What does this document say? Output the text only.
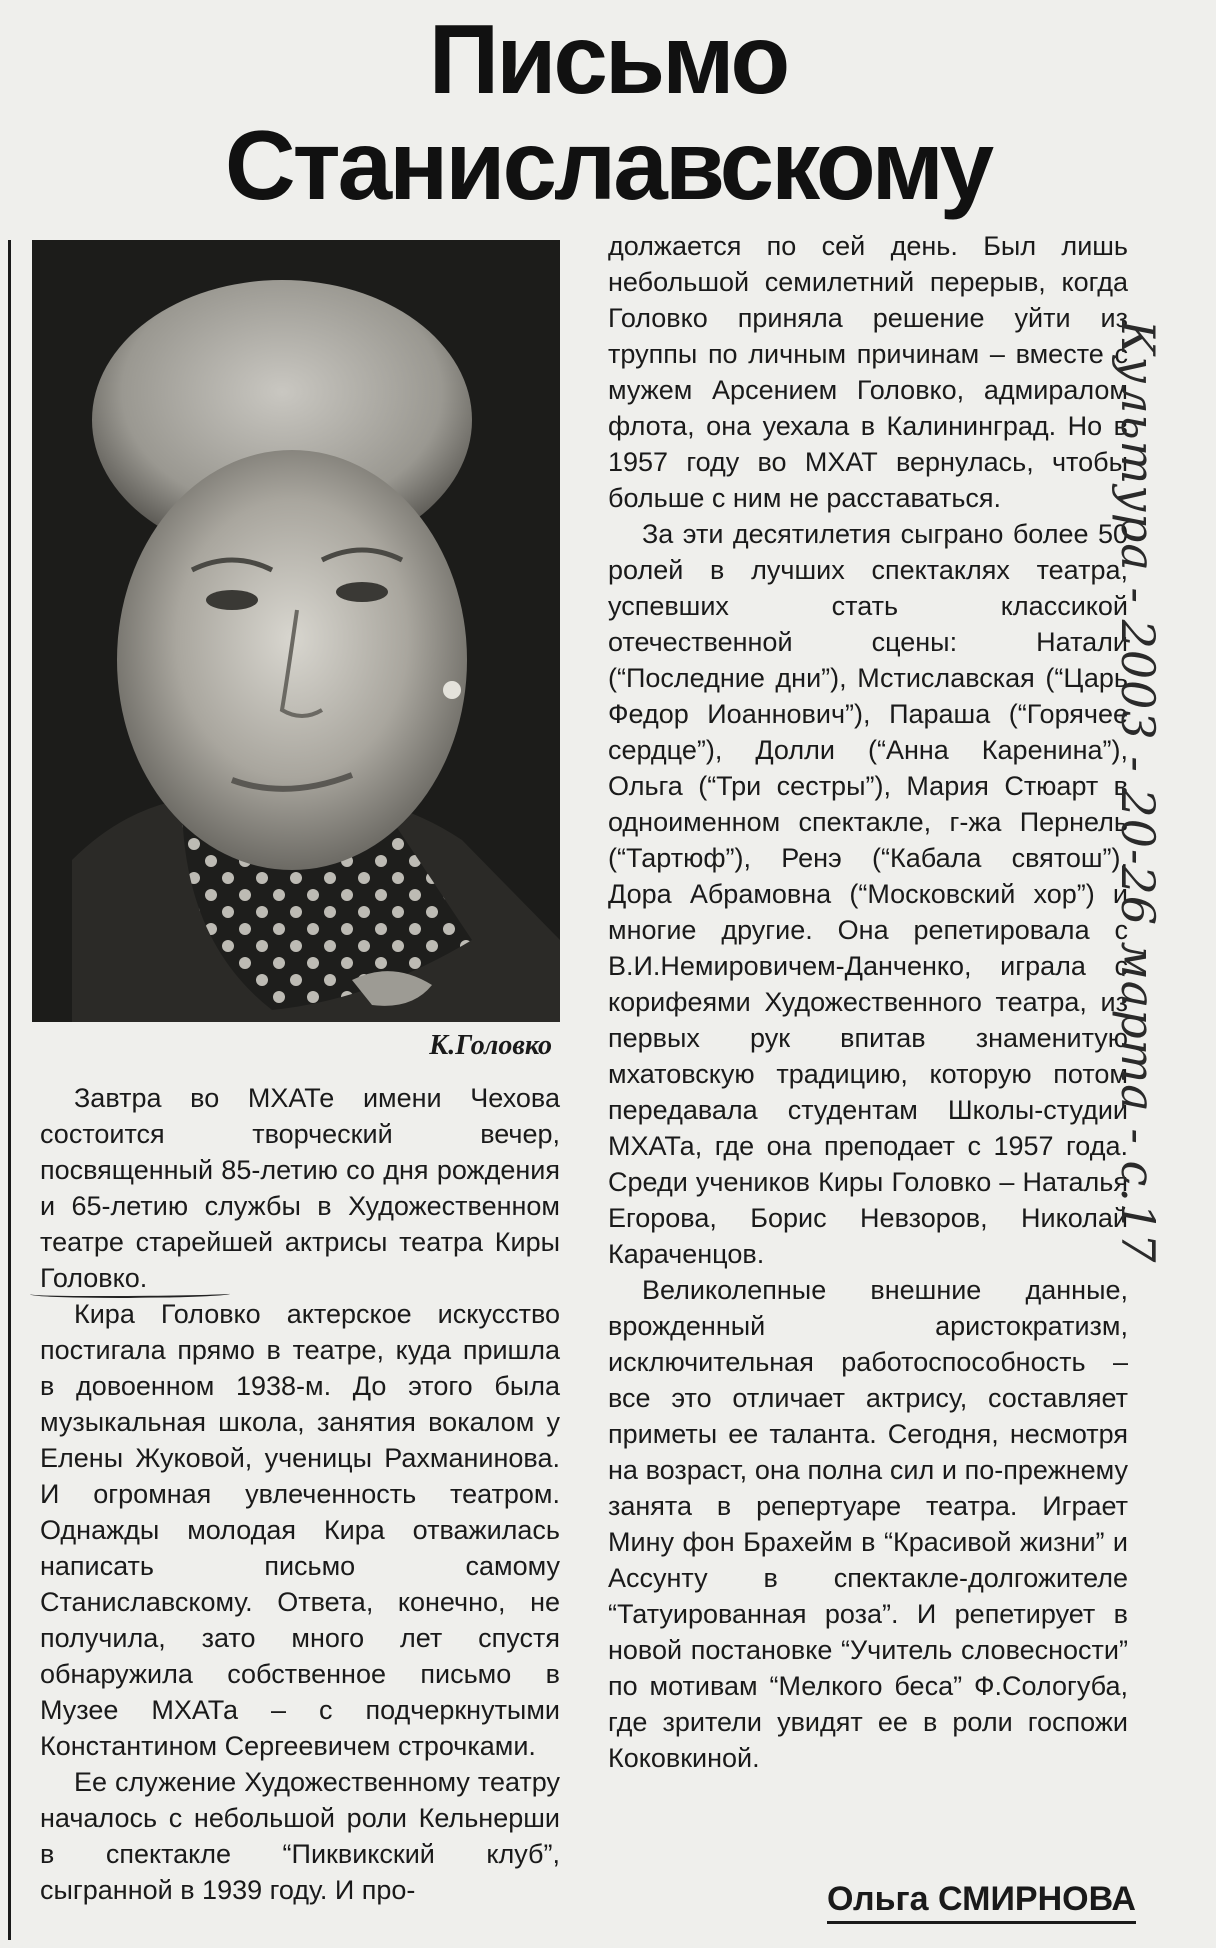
Письмо
Станиславскому
К.Головко

Завтра во МХАТе имени Чехова состоится творческий вечер, посвященный 85-летию со дня рождения и 65-летию службы в Художественном театре старейшей актрисы театра Киры Головко.

Кира Головко актерское искусство постигала прямо в театре, куда пришла в довоенном 1938-м. До этого была музыкальная школа, занятия вокалом у Елены Жуковой, ученицы Рахманинова. И огромная увлеченность театром. Однажды молодая Кира отважилась написать письмо самому Станиславскому. Ответа, конечно, не получила, зато много лет спустя обнаружила собственное письмо в Музее МХАТа – с подчеркнутыми Константином Сергеевичем строчками.

Ее служение Художественному театру началось с небольшой роли Кельнерши в спектакле “Пиквикский клуб”, сыгранной в 1939 году. И про-

должается по сей день. Был лишь небольшой семилетний перерыв, когда Головко приняла решение уйти из труппы по личным причинам – вместе с мужем Арсением Головко, адмиралом флота, она уехала в Калининград. Но в 1957 году во МХАТ вернулась, чтобы больше с ним не расставаться.

За эти десятилетия сыграно более 50 ролей в лучших спектаклях театра, успевших стать классикой отечественной сцены: Натали (“Последние дни”), Мстиславская (“Царь Федор Иоаннович”), Параша (“Горячее сердце”), Долли (“Анна Каренина”), Ольга (“Три сестры”), Мария Стюарт в одноименном спектакле, г-жа Пернель (“Тартюф”), Ренэ (“Кабала святош”), Дора Абрамовна (“Московский хор”) и многие другие. Она репетировала с В.И.Немировичем-Данченко, играла с корифеями Художественного театра, из первых рук впитав знаменитую мхатовскую традицию, которую потом передавала студентам Школы-студии МХАТа, где она преподает с 1957 года. Среди учеников Киры Головко – Наталья Егорова, Борис Невзоров, Николай Караченцов.

Великолепные внешние данные, врожденный аристократизм, исключительная работоспособность – все это отличает актрису, составляет приметы ее таланта. Сегодня, несмотря на возраст, она полна сил и по-прежнему занята в репертуаре театра. Играет Мину фон Брахейм в “Красивой жизни” и Ассунту в спектакле-долгожителе “Татуированная роза”. И репетирует в новой постановке “Учитель словесности” по мотивам “Мелкого беса” Ф.Сологуба, где зрители увидят ее в роли госпожи Коковкиной.

Ольга СМИРНОВА
Культура - 2003 - 20-26 марта - с.17
